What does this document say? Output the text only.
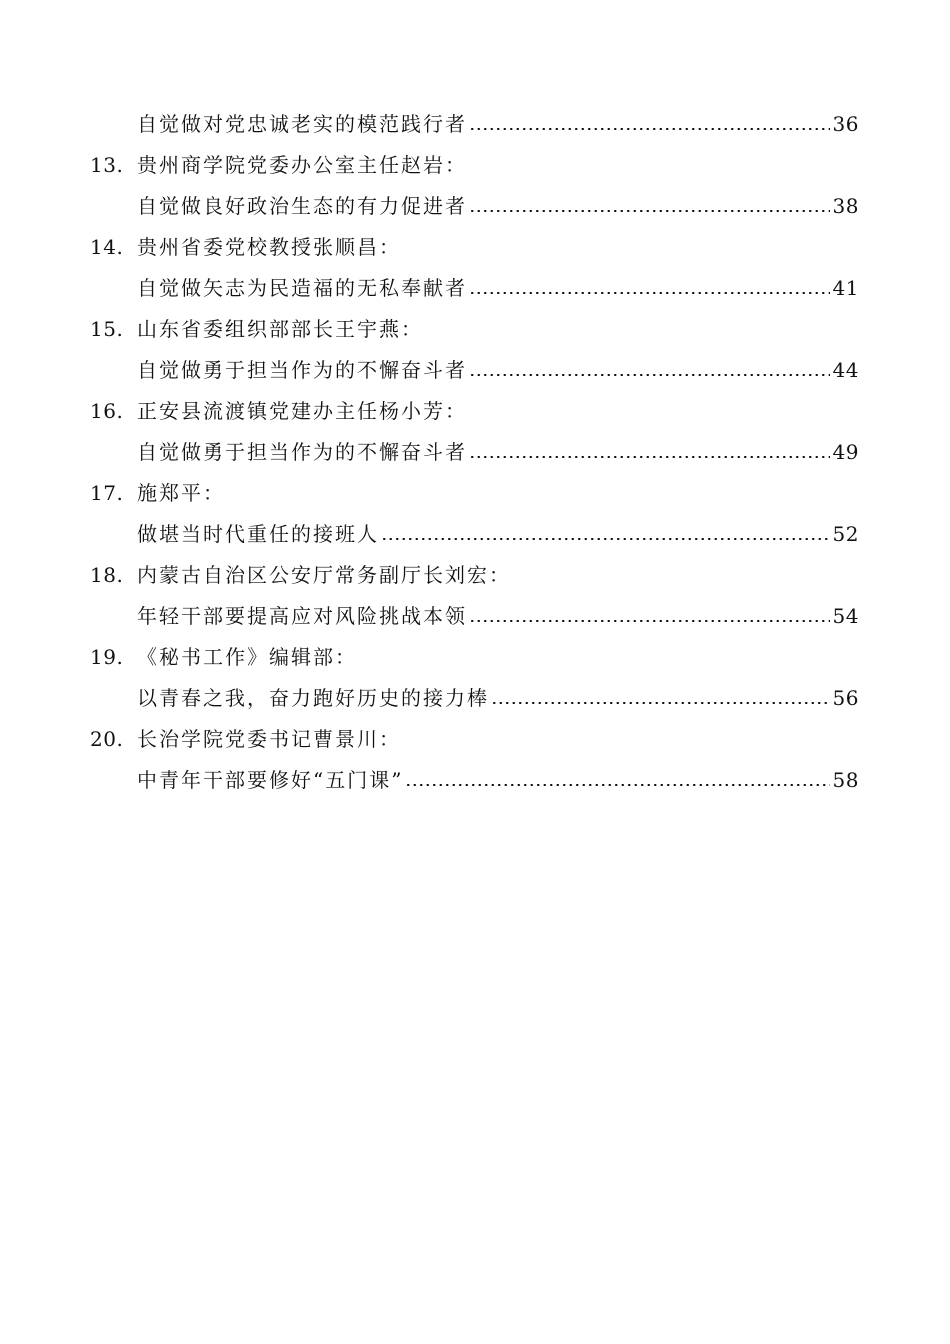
自觉做对党忠诚老实的模范践行者	36
13. 贵州商学院党委办公室主任赵岩：
自觉做良好政治生态的有力促进者	38
14. 贵州省委党校教授张顺昌：
自觉做矢志为民造福的无私奉献者	41
15. 山东省委组织部部长王宇燕：
自觉做勇于担当作为的不懈奋斗者	44
16. 正安县流渡镇党建办主任杨小芳：
自觉做勇于担当作为的不懈奋斗者	49
17. 施郑平：
做堪当时代重任的接班人	52
18. 内蒙古自治区公安厅常务副厅长刘宏：
年轻干部要提高应对风险挑战本领	54
19. 《秘书工作》编辑部：
以青春之我，奋力跑好历史的接力棒	56
20. 长治学院党委书记曹景川：
中青年干部要修好“五门课”	58
